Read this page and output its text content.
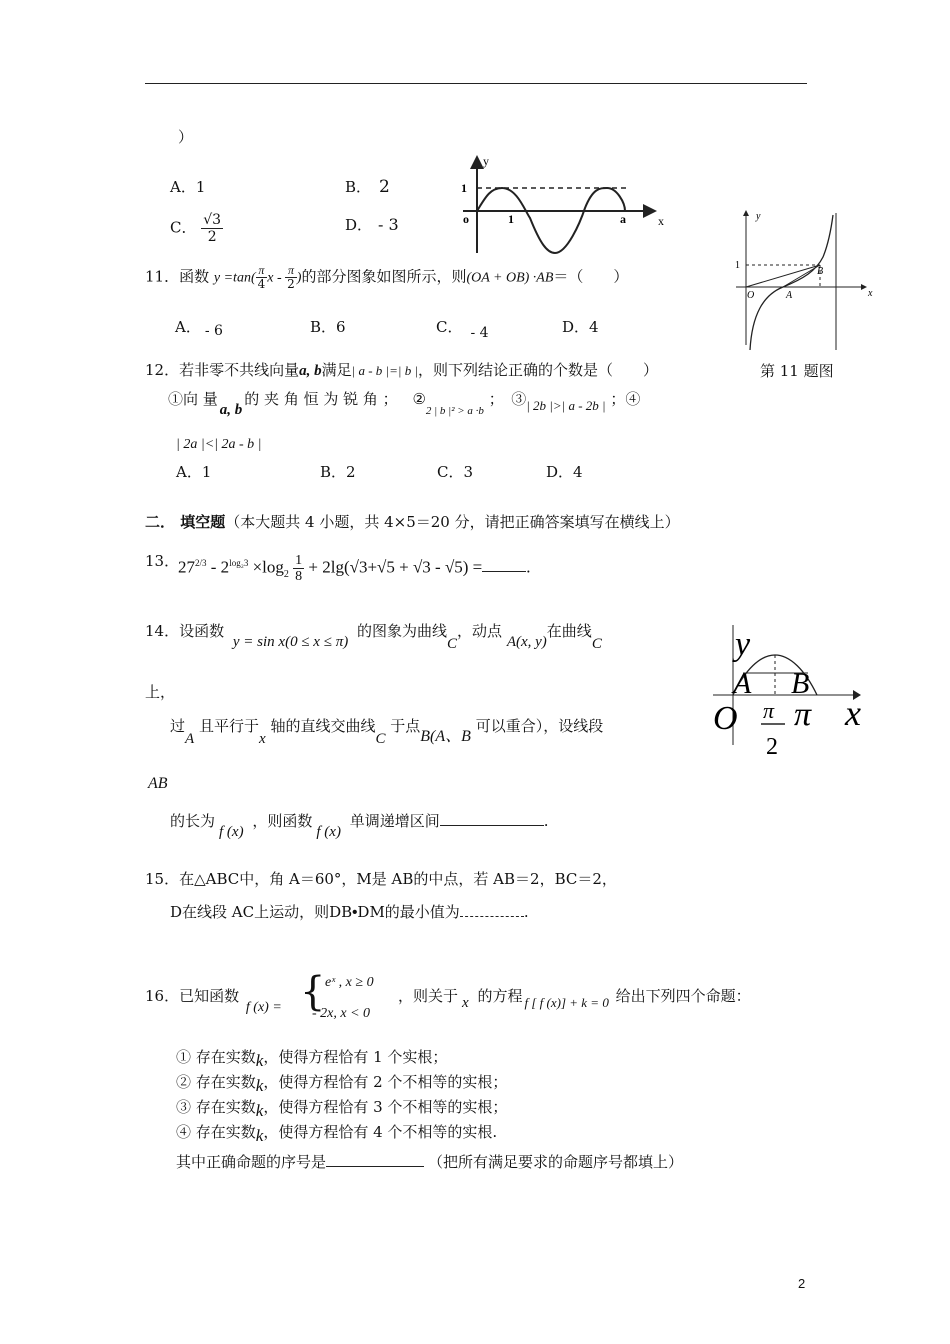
）
A．1	B． 2
C． $\frac{√3}{2}$	D． - 3
y
x
1
o	1	a
11．函数 $y =\tan( \frac{\pi}{4}$ x - $\frac{\pi}{2}$ )的部分图象如图所示，则(OA + OB) ·AB＝（　　）
A． - 6	B．6	C． - 4	D．4
y
x
1
O	A
B
第 11 题图
12．若非零不共线向量a, b满足| a - b |=| b |，则下列结论正确的个数是（　　）
①向 量a, b的 夹 角 恒 为 锐 角 ； $②_{2 | b |^2 > a \cdot b}$ ；　③| 2b |>| a - 2b | ；④
| 2a |<| 2a - b |
A．1	B．2	C．3	D．4
二． 填空题（本大题共 4 小题，共 4×5＝20 分，请把正确答案填写在横线上）
13．
$27^{2/3} - 2^{log_23} \times\log_2 \frac{1}{8} + 2\lg(√3+√5 + √3 - √5)$ =	.
14．设函数 y = sin x(0 ≤ x ≤ π) 的图象为曲线C，动点 A(x, y)在曲线C
上，
过A 且平行于x 轴的直线交曲线C 于点B(A、B 可以重合），设线段
AB
的长为f (x) ，则函数f (x) 单调递增区间	.
y
A B
O π
2
π x
15．在△ABC中，角 A＝60°，M是 AB的中点，若 AB＝2，BC＝2，
D在线段 AC上运动，则DB•DM的最小值为	.
16．已知函数 f (x) = { eˣ , x ≥ 0
- 2x, x < 0
，则关于 x 的方程 f [ f (x)] + k = 0 给出下列四个命题：
① 存在实数k，使得方程恰有 1 个实根；
② 存在实数k，使得方程恰有 2 个不相等的实根；
③ 存在实数k，使得方程恰有 3 个不相等的实根；
④ 存在实数k，使得方程恰有 4 个不相等的实根.
其中正确命题的序号是	（把所有满足要求的命题序号都填上）
2
